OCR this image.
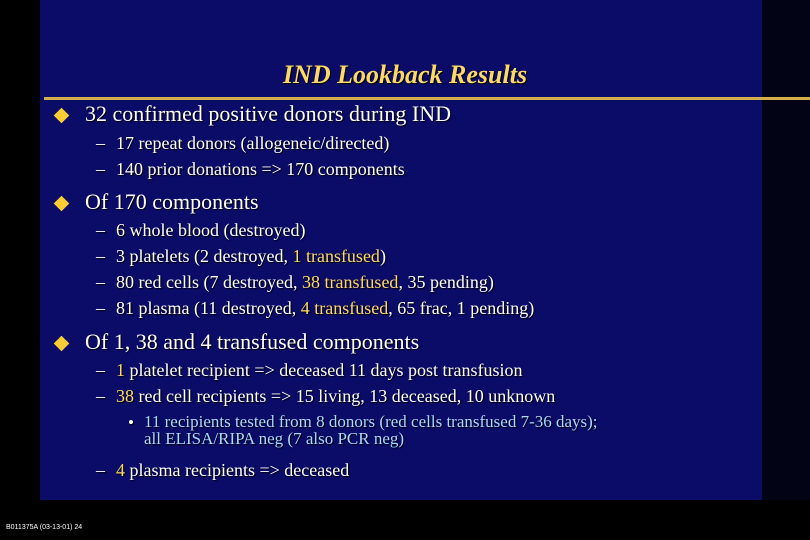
IND Lookback Results
32 confirmed positive donors during IND
– 17 repeat donors (allogeneic/directed)
– 140 prior donations => 170 components
Of 170 components
– 6 whole blood (destroyed)
– 3 platelets (2 destroyed, 1 transfused)
– 80 red cells (7 destroyed, 38 transfused, 35 pending)
– 81 plasma (11 destroyed, 4 transfused, 65 frac, 1 pending)
Of 1, 38 and 4 transfused components
– 1 platelet recipient => deceased 11 days post transfusion
– 38 red cell recipients => 15 living, 13 deceased, 10 unknown
• 11 recipients tested from 8 donors (red cells transfused 7-36 days);
all ELISA/RIPA neg (7 also PCR neg)
– 4 plasma recipients => deceased
B011375A (03-13-01) 24
